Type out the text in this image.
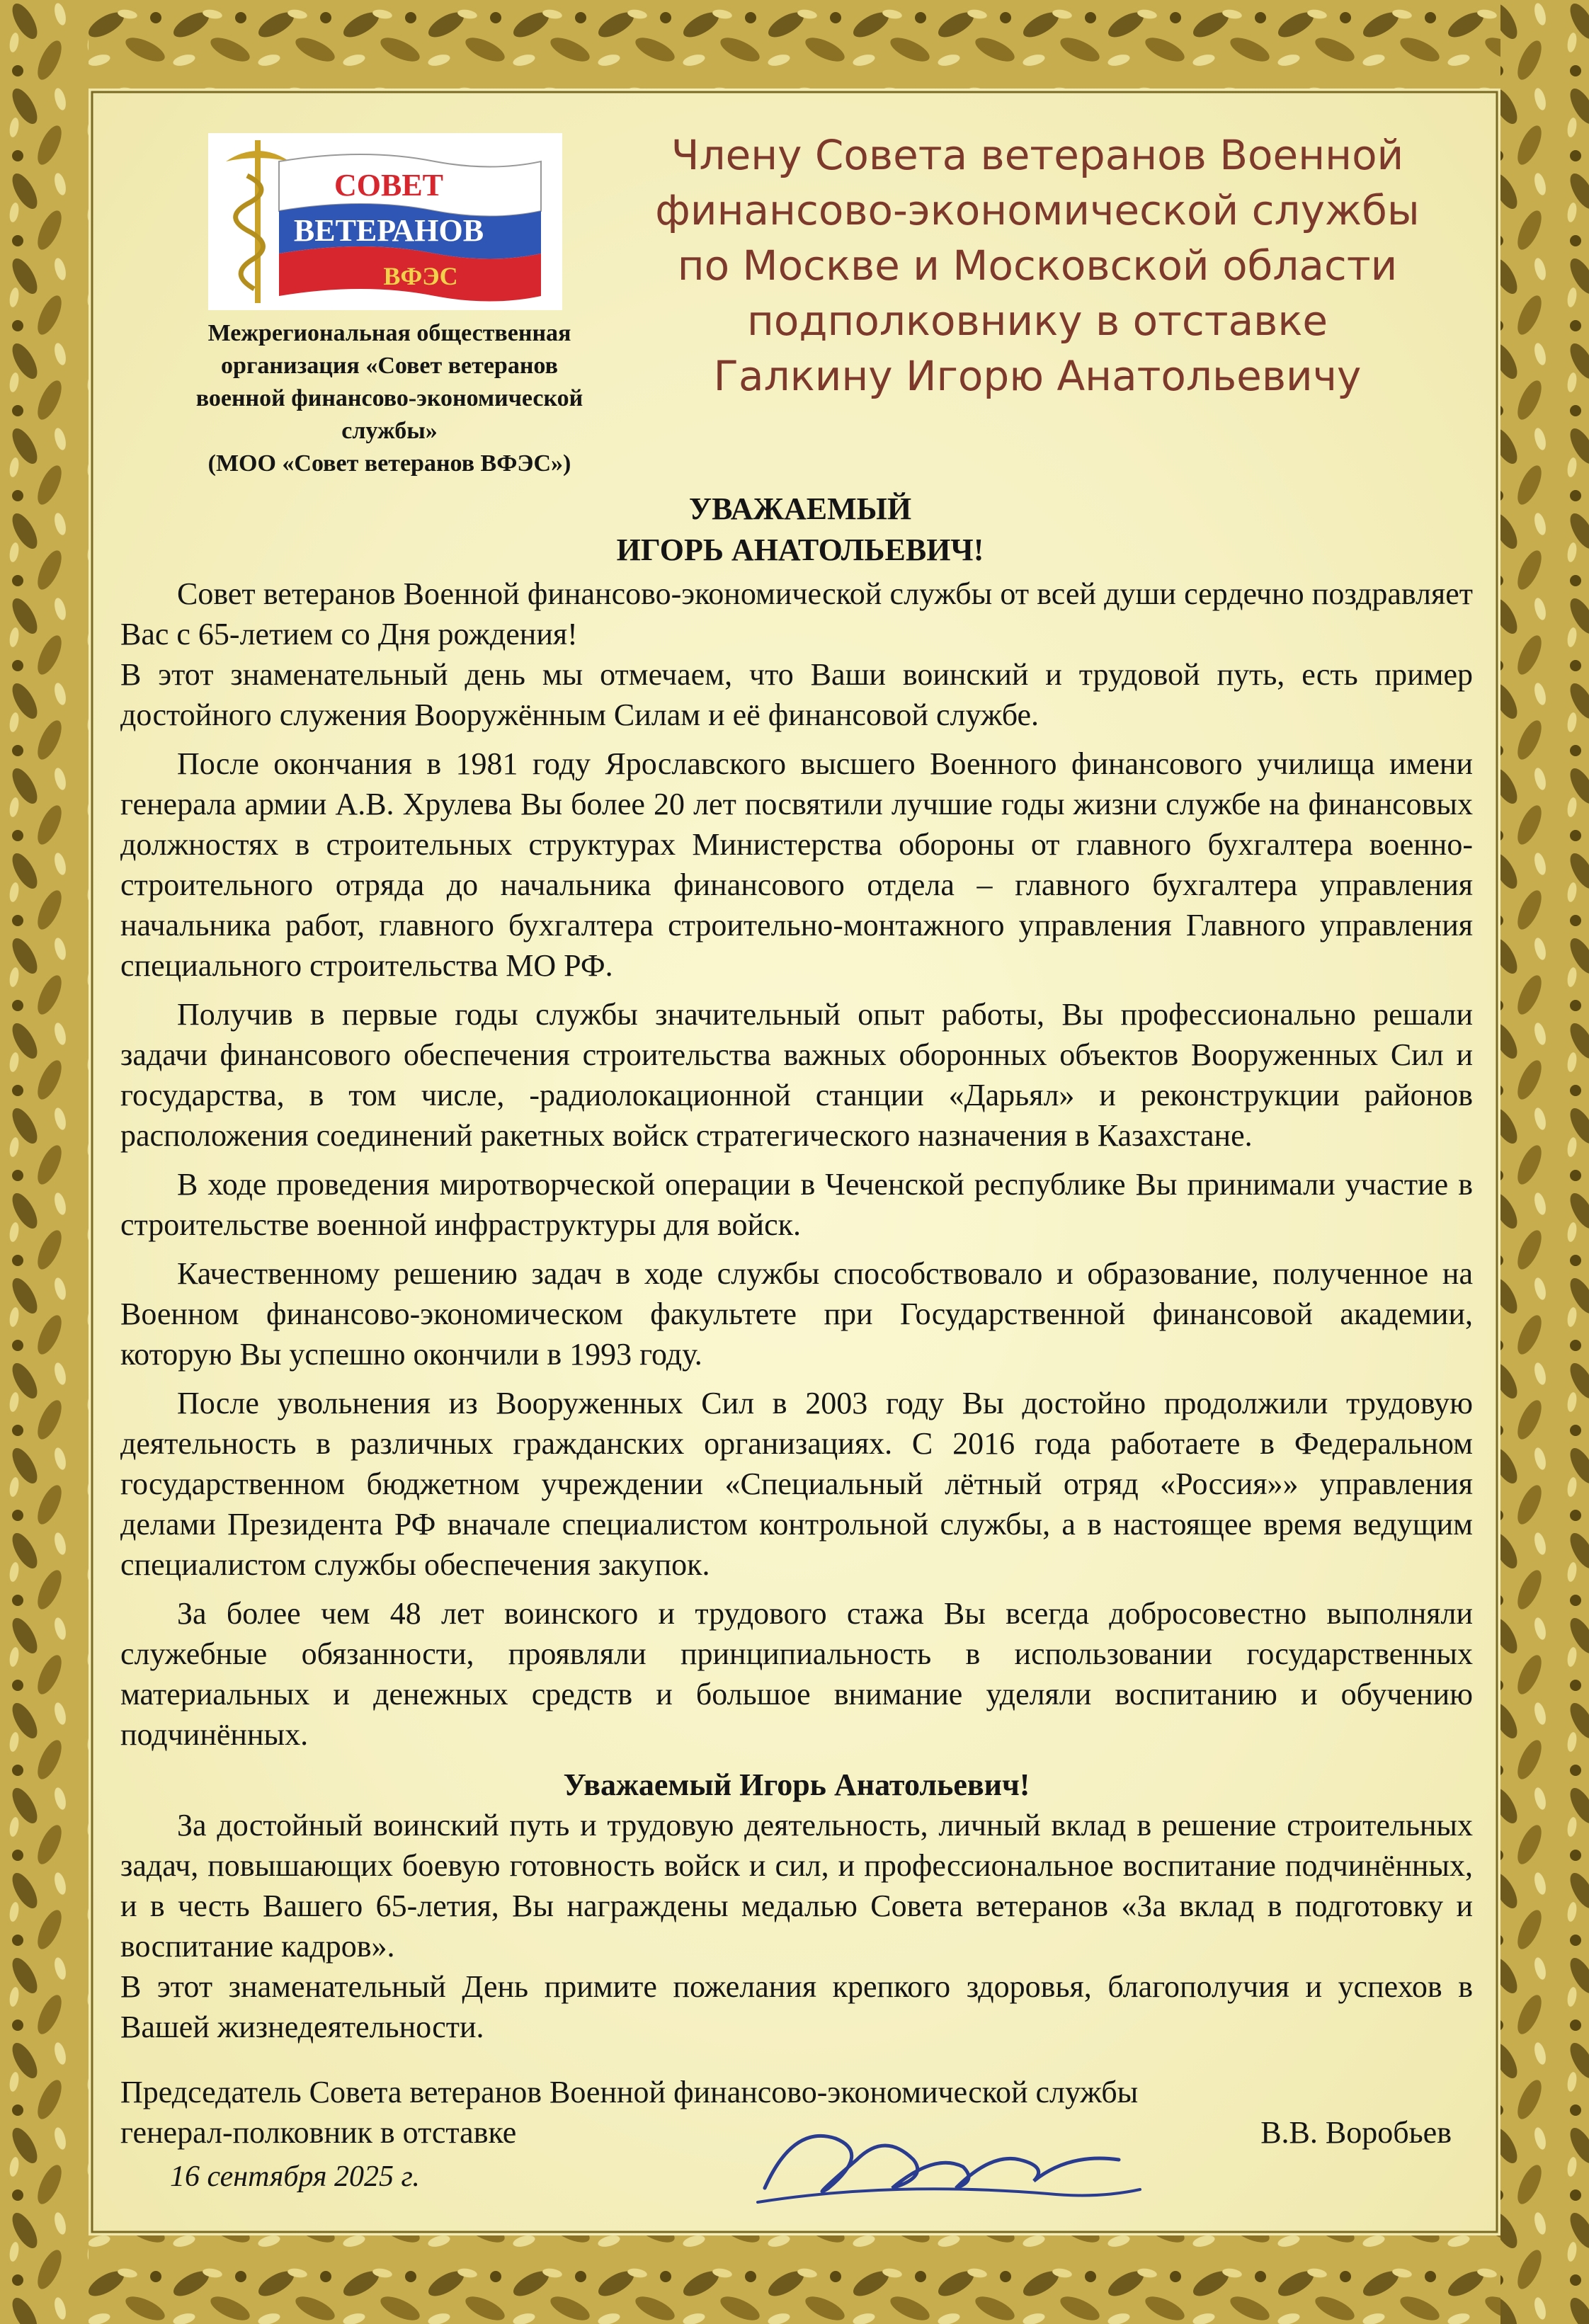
СОВЕТ
ВЕТЕРАНОВ
ВФЭС
Межрегиональная общественная
организация «Совет ветеранов
военной финансово-экономической
службы»
(МОО «Совет ветеранов ВФЭС»)
Члену Совета ветеранов Военной
финансово-экономической службы
по Москве и Московской области
подполковнику в отставке
Галкину Игорю Анатольевичу
УВАЖАЕМЫЙ
ИГОРЬ АНАТОЛЬЕВИЧ!

Совет ветеранов Военной финансово-экономической службы от всей души сердечно поздравляет Вас с 65-летием со Дня рождения!

В этот знаменательный день мы отмечаем, что Ваши воинский и трудовой путь, есть пример достойного служения Вооружённым Силам и её финансовой службе.

После окончания в 1981 году Ярославского высшего Военного финансового училища имени генерала армии А.В. Хрулева Вы более 20 лет посвятили лучшие годы жизни службе на финансовых должностях в строительных структурах Министерства обороны от главного бухгалтера военно-строительного отряда до начальника финансового отдела – главного бухгалтера управления начальника работ, главного бухгалтера строительно-монтажного управления Главного управления специального строительства МО РФ.

Получив в первые годы службы значительный опыт работы, Вы профессионально решали задачи финансового обеспечения строительства важных оборонных объектов Вооруженных Сил и государства, в том числе, -радиолокационной станции «Дарьял» и реконструкции районов расположения соединений ракетных войск стратегического назначения в Казахстане.

В ходе проведения миротворческой операции в Чеченской республике Вы принимали участие в строительстве военной инфраструктуры для войск.

Качественному решению задач в ходе службы способствовало и образование, полученное на Военном финансово-экономическом факультете при Государственной финансовой академии, которую Вы успешно окончили в 1993 году.

После увольнения из Вооруженных Сил в 2003 году Вы достойно продолжили трудовую деятельность в различных гражданских организациях. С 2016 года работаете в Федеральном государственном бюджетном учреждении «Специальный лётный отряд «Россия»» управления делами Президента РФ вначале специалистом контрольной службы, а в настоящее время ведущим специалистом службы обеспечения закупок.

За более чем 48 лет воинского и трудового стажа Вы всегда добросовестно выполняли служебные обязанности, проявляли принципиальность в использовании государственных материальных и денежных средств и большое внимание уделяли воспитанию и обучению подчинённых.

Уважаемый Игорь Анатольевич!

За достойный воинский путь и трудовую деятельность, личный вклад в решение строительных задач, повышающих боевую готовность войск и сил, и профессиональное воспитание подчинённых, и в честь Вашего 65-летия, Вы награждены медалью Совета ветеранов «За вклад в подготовку и воспитание кадров».

В этот знаменательный День примите пожелания крепкого здоровья, благополучия и успехов в Вашей жизнедеятельности.

Председатель Совета ветеранов Военной финансово-экономической службы
генерал-полковник в отставке	В.В. Воробьев
16 сентября 2025 г.
